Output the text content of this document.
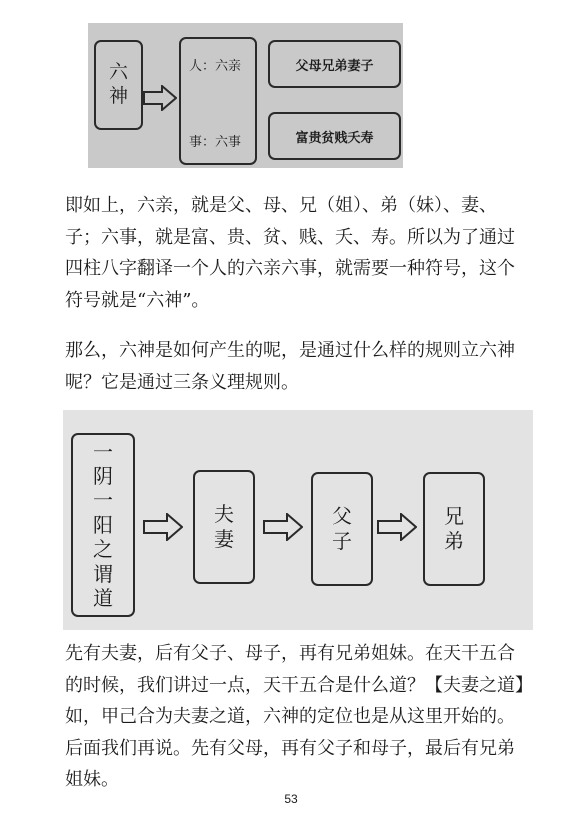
六
神
人：六亲
事：六事
父母兄弟妻子
富贵贫贱夭寿
即如上，六亲，就是父、母、兄（姐）、弟（妹）、妻、子；六事，就是富、贵、贫、贱、夭、寿。所以为了通过四柱八字翻译一个人的六亲六事，就需要一种符号，这个符号就是“六神”。
那么，六神是如何产生的呢，是通过什么样的规则立六神呢？它是通过三条义理规则。
一
阴
一
阳
之
谓
道
夫
妻
父
子
兄
弟
先有夫妻，后有父子、母子，再有兄弟姐妹。在天干五合的时候，我们讲过一点，天干五合是什么道？【夫妻之道】如，甲己合为夫妻之道，六神的定位也是从这里开始的。后面我们再说。先有父母，再有父子和母子，最后有兄弟姐妹。
53
